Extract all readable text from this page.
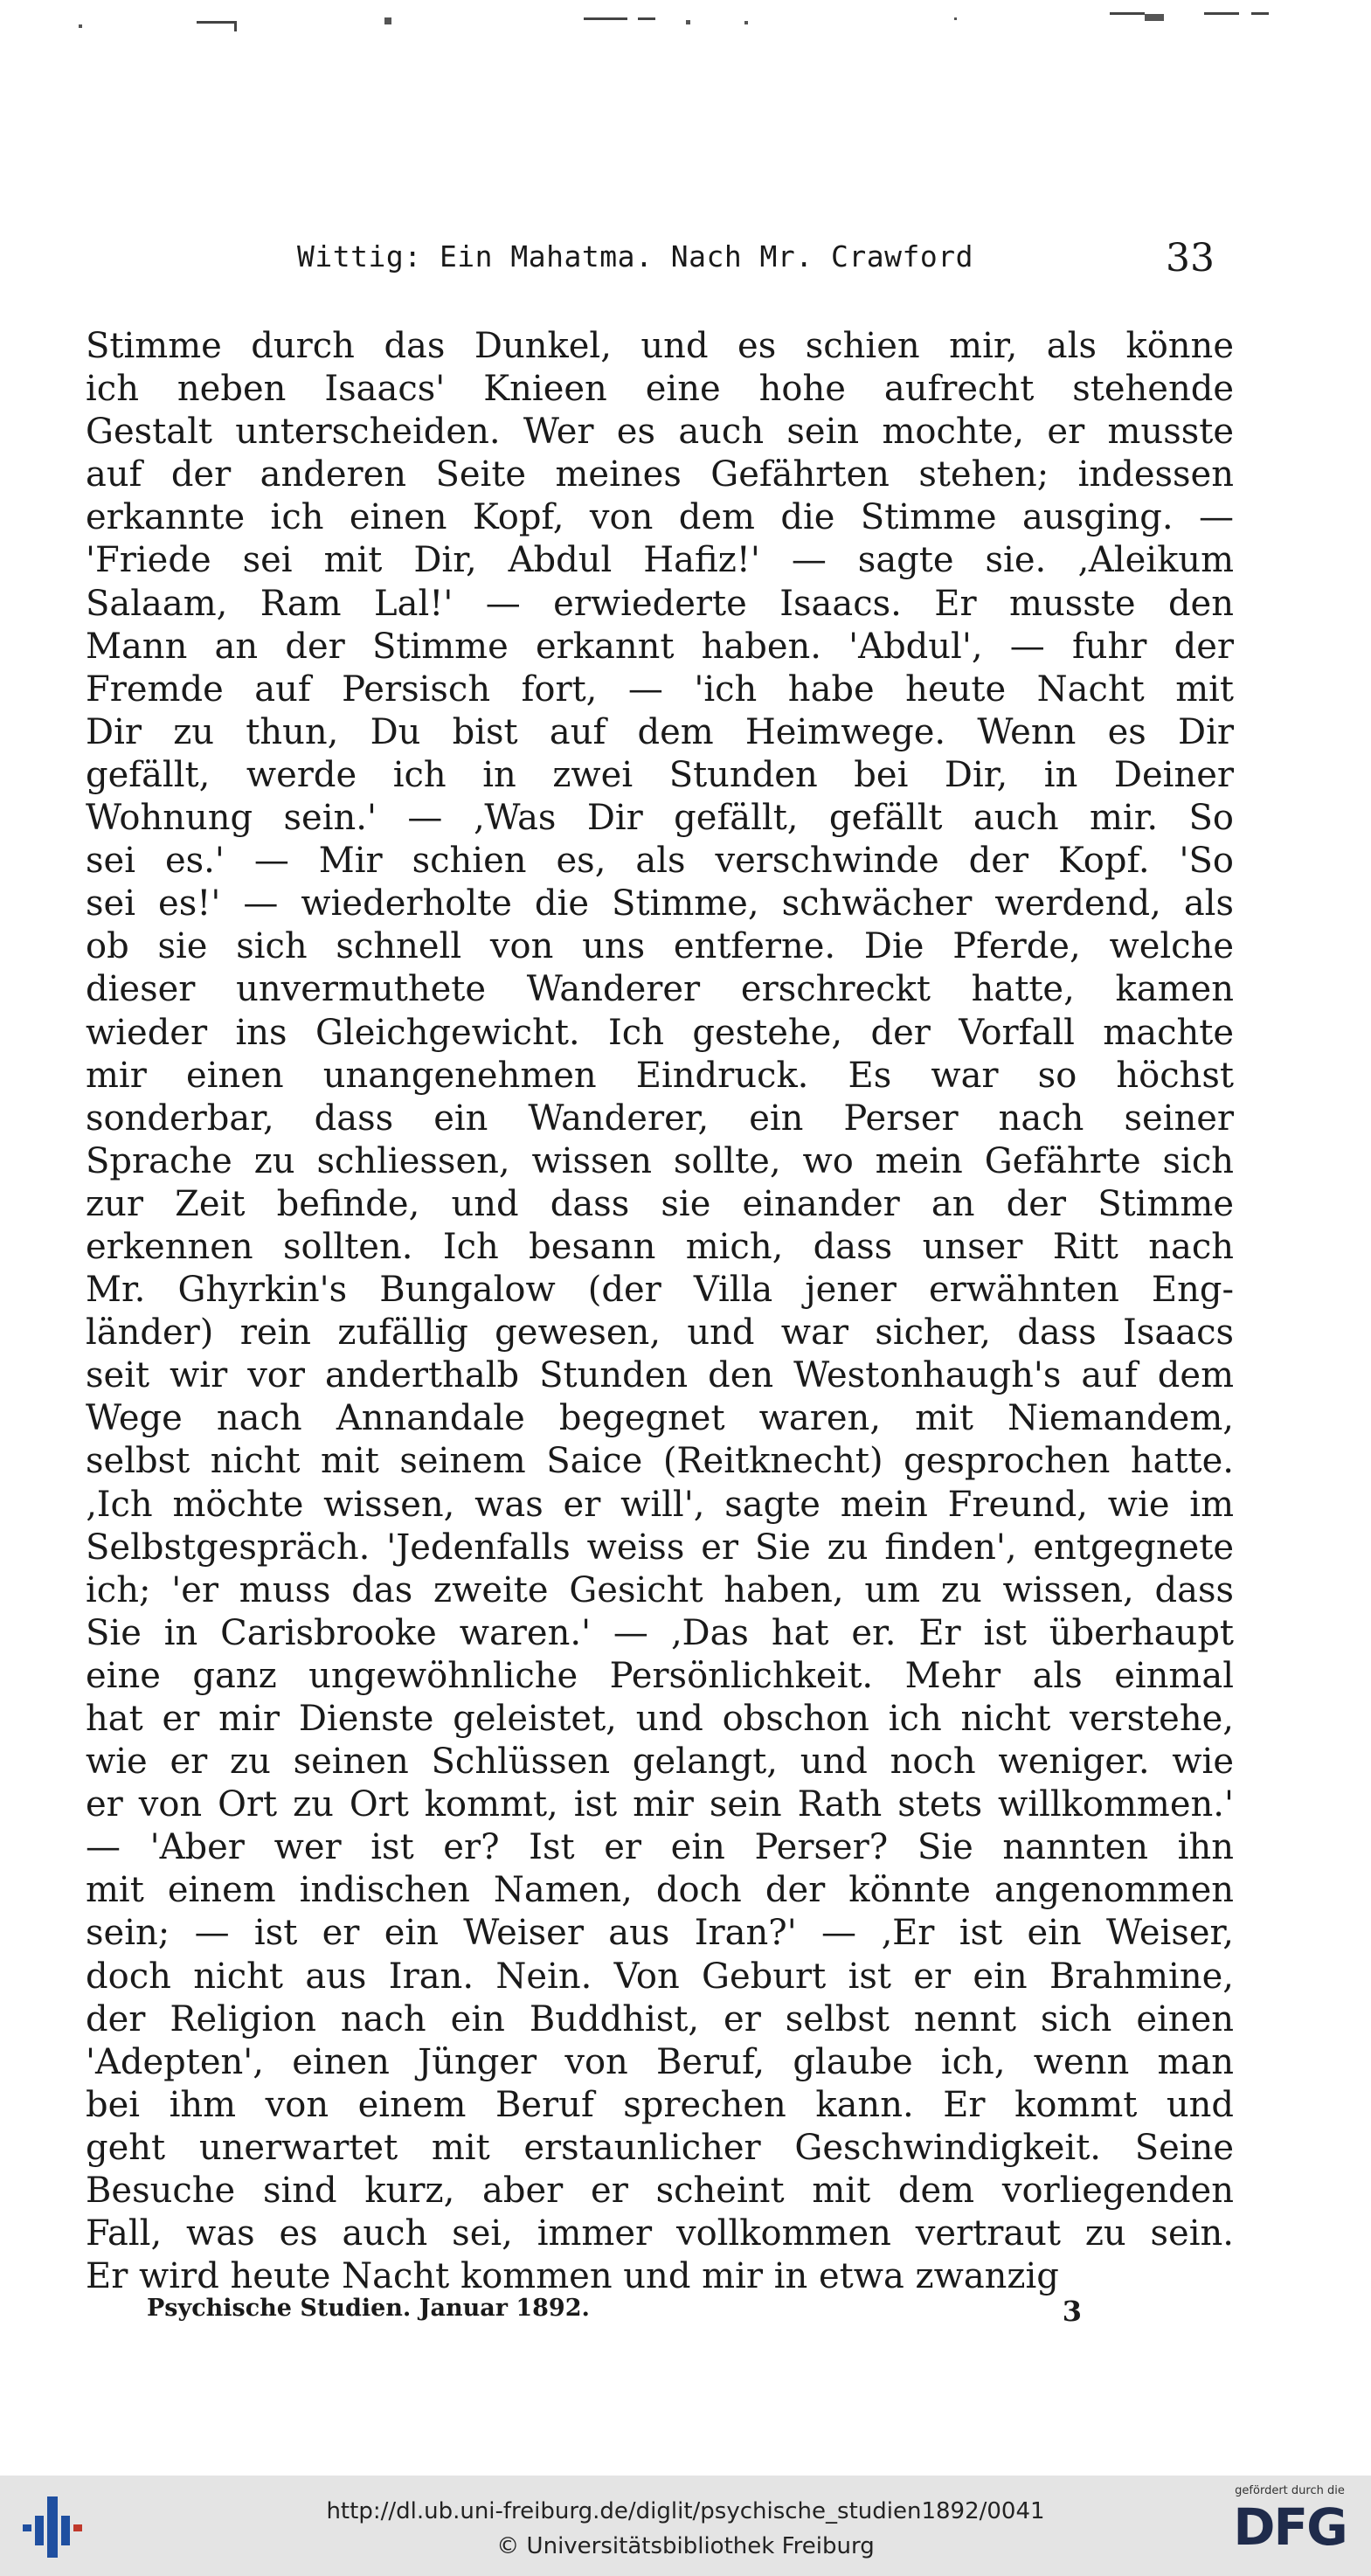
Wittig: Ein Mahatma. Nach Mr. Crawford	33
Stimme durch das Dunkel, und es schien mir, als könne
ich neben Isaacs' Knieen eine hohe aufrecht stehende
Gestalt unterscheiden. Wer es auch sein mochte, er musste
auf der anderen Seite meines Gefährten stehen; indessen
erkannte ich einen Kopf, von dem die Stimme ausging. —
'Friede sei mit Dir, Abdul Hafiz!' — sagte sie. ‚Aleikum
Salaam, Ram Lal!' — erwiederte Isaacs. Er musste den
Mann an der Stimme erkannt haben. 'Abdul', — fuhr der
Fremde auf Persisch fort, — 'ich habe heute Nacht mit
Dir zu thun, Du bist auf dem Heimwege. Wenn es Dir
gefällt, werde ich in zwei Stunden bei Dir, in Deiner
Wohnung sein.' — ‚Was Dir gefällt, gefällt auch mir. So
sei es.' — Mir schien es, als verschwinde der Kopf. 'So
sei es!' — wiederholte die Stimme, schwächer werdend, als
ob sie sich schnell von uns entferne. Die Pferde, welche
dieser unvermuthete Wanderer erschreckt hatte, kamen
wieder ins Gleichgewicht. Ich gestehe, der Vorfall machte
mir einen unangenehmen Eindruck. Es war so höchst
sonderbar, dass ein Wanderer, ein Perser nach seiner
Sprache zu schliessen, wissen sollte, wo mein Gefährte sich
zur Zeit befinde, und dass sie einander an der Stimme
erkennen sollten. Ich besann mich, dass unser Ritt nach
Mr. Ghyrkin's Bungalow (der Villa jener erwähnten Eng-
länder) rein zufällig gewesen, und war sicher, dass Isaacs
seit wir vor anderthalb Stunden den Westonhaugh's auf dem
Wege nach Annandale begegnet waren, mit Niemandem,
selbst nicht mit seinem Saice (Reitknecht) gesprochen hatte.
‚Ich möchte wissen, was er will', sagte mein Freund, wie im
Selbstgespräch. 'Jedenfalls weiss er Sie zu finden', entgegnete
ich; 'er muss das zweite Gesicht haben, um zu wissen, dass
Sie in Carisbrooke waren.' — ‚Das hat er. Er ist überhaupt
eine ganz ungewöhnliche Persönlichkeit. Mehr als einmal
hat er mir Dienste geleistet, und obschon ich nicht verstehe,
wie er zu seinen Schlüssen gelangt, und noch weniger. wie
er von Ort zu Ort kommt, ist mir sein Rath stets willkommen.'
— 'Aber wer ist er? Ist er ein Perser? Sie nannten ihn
mit einem indischen Namen, doch der könnte angenommen
sein; — ist er ein Weiser aus Iran?' — ‚Er ist ein Weiser,
doch nicht aus Iran. Nein. Von Geburt ist er ein Brahmine,
der Religion nach ein Buddhist, er selbst nennt sich einen
'Adepten', einen Jünger von Beruf, glaube ich, wenn man
bei ihm von einem Beruf sprechen kann. Er kommt und
geht unerwartet mit erstaunlicher Geschwindigkeit. Seine
Besuche sind kurz, aber er scheint mit dem vorliegenden
Fall, was es auch sei, immer vollkommen vertraut zu sein.
Er wird heute Nacht kommen und mir in etwa zwanzig
Psychische Studien. Januar 1892.	3
http://dl.ub.uni-freiburg.de/diglit/psychische_studien1892/0041
© Universitätsbibliothek Freiburg
gefördert durch die
DFG
